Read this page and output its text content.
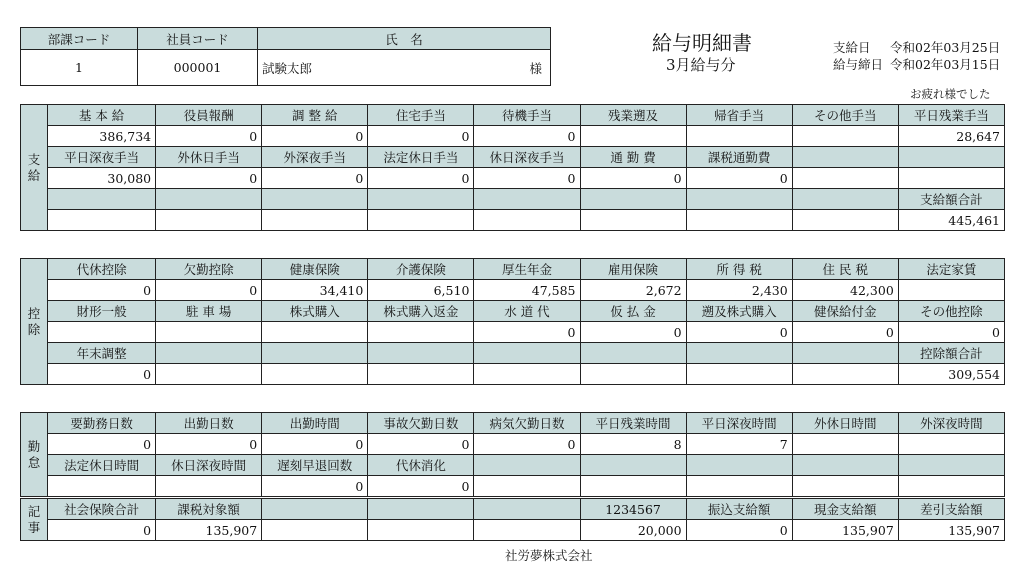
部課コード	社員コード	氏　名
1	000001	試験太郎 様
給与明細書
3月給与分
支給日 令和02年03月25日
給与締日 令和02年03月15日
お疲れ様でした
支
給	基 本 給	役員報酬	調 整 給	住宅手当	待機手当	残業遡及	帰省手当	その他手当	平日残業手当
	386,734	0	0	0	0				28,647
	平日深夜手当	外休日手当	外深夜手当	法定休日手当	休日深夜手当	通 勤 費	課税通勤費		
	30,080	0	0	0	0	0	0		
									支給額合計
									445,461
控
除	代休控除	欠勤控除	健康保険	介護保険	厚生年金	雇用保険	所 得 税	住 民 税	法定家賃
	0	0	34,410	6,510	47,585	2,672	2,430	42,300	
	財形一般	駐 車 場	株式購入	株式購入返金	水 道 代	仮 払 金	遡及株式購入	健保給付金	その他控除
					0	0	0	0	0
	年末調整								控除額合計
	0								309,554
勤
怠	要勤務日数	出勤日数	出勤時間	事故欠勤日数	病気欠勤日数	平日残業時間	平日深夜時間	外休日時間	外深夜時間
	0	0	0	0	0	8	7		
	法定休日時間	休日深夜時間	遅刻早退回数	代休消化					
			0	0					
記
事	社会保険合計	課税対象額				1234567	振込支給額	現金支給額	差引支給額
	0	135,907				20,000	0	135,907	135,907
社労夢株式会社
